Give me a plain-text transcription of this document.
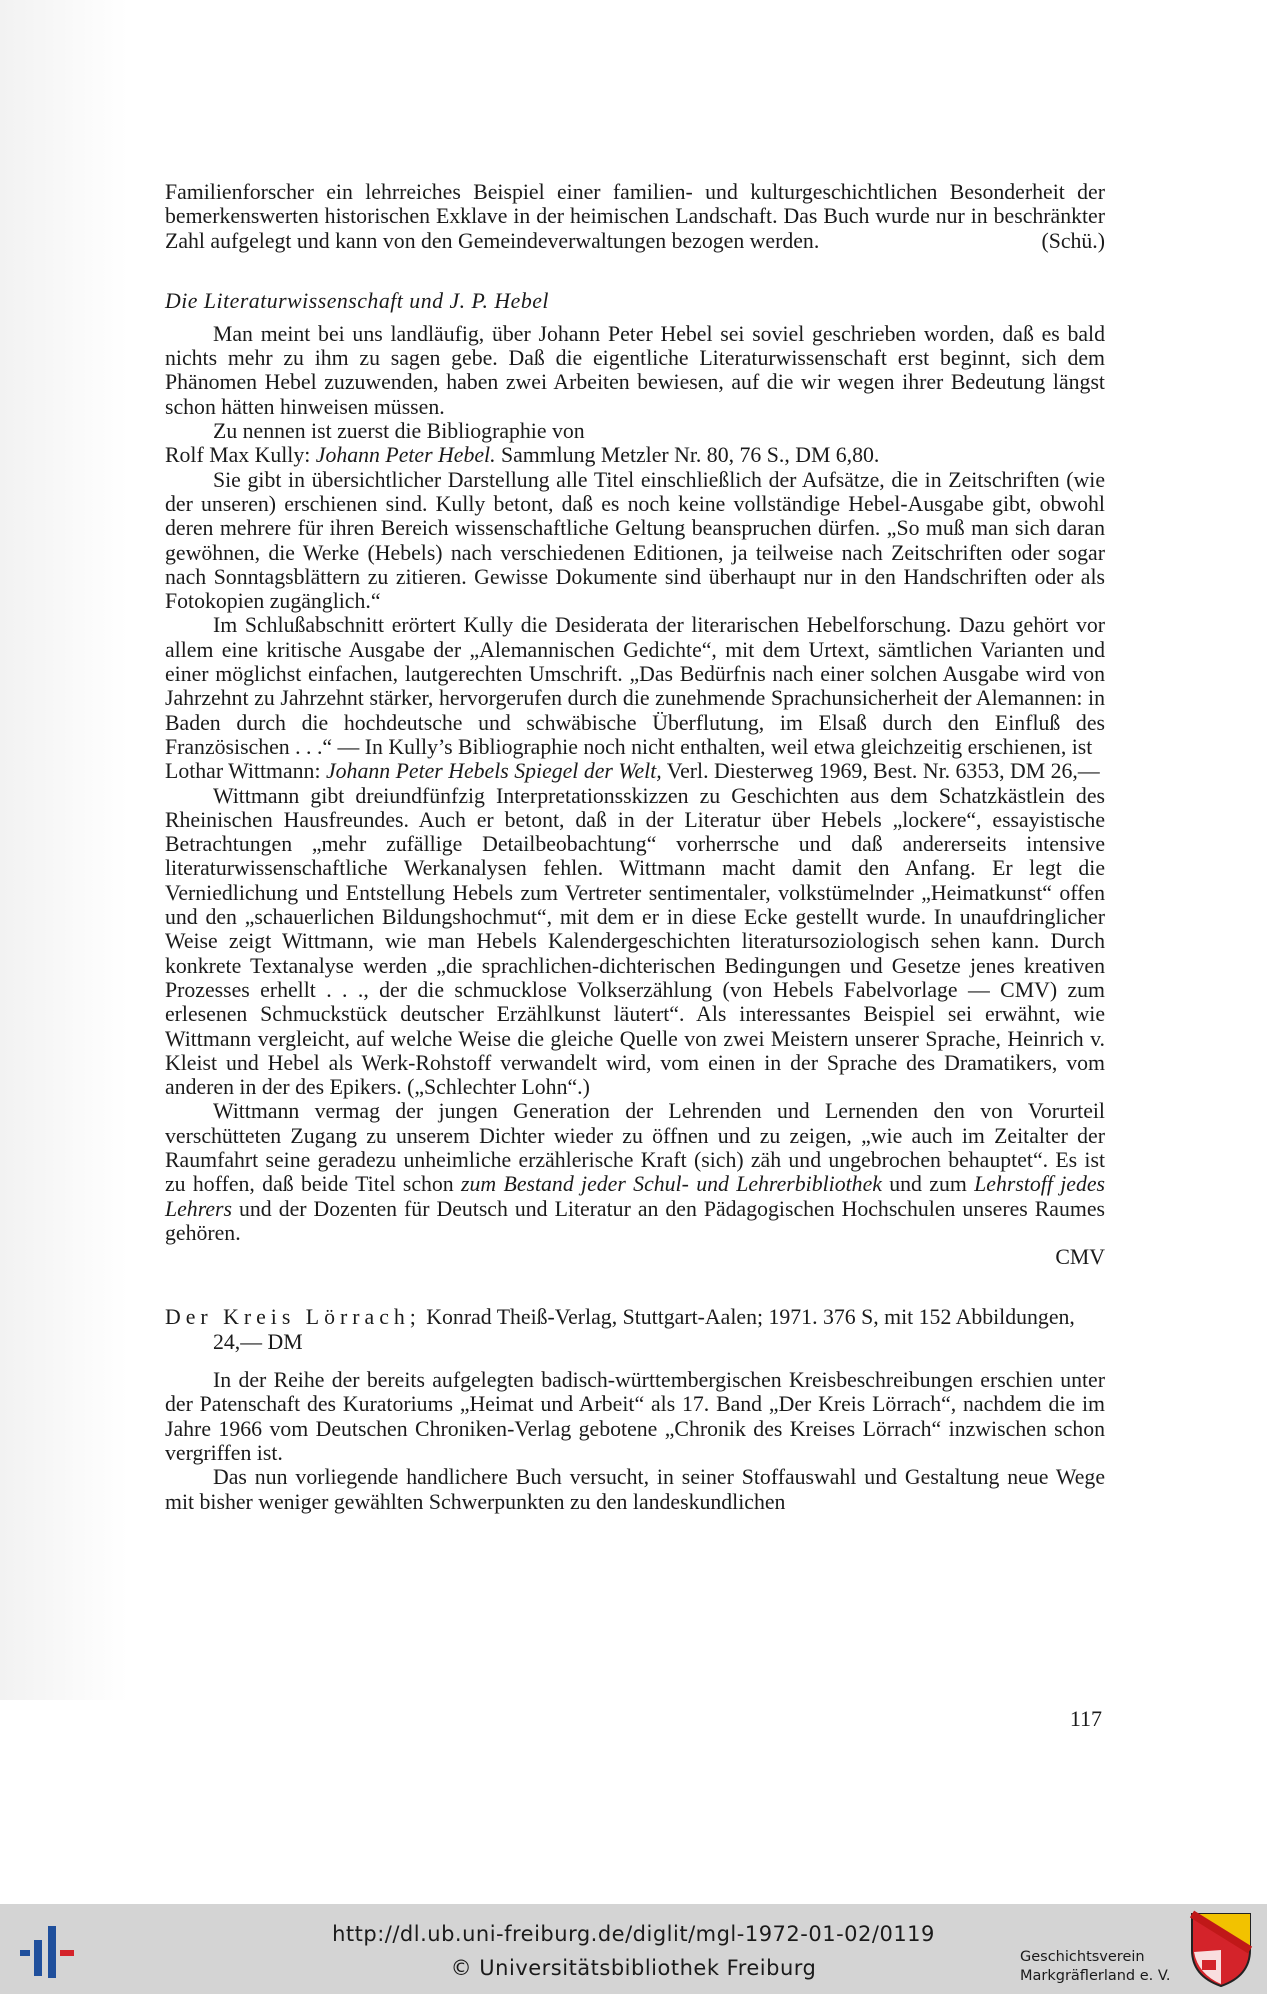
Familienforscher ein lehrreiches Beispiel einer familien- und kulturgeschichtlichen Besonderheit der bemerkenswerten historischen Exklave in der heimischen Landschaft. Das Buch wurde nur in beschränkter Zahl aufgelegt und kann von den Gemeindeverwaltungen bezogen werden.	(Schü.)

Die Literaturwissenschaft und J. P. Hebel

Man meint bei uns landläufig, über Johann Peter Hebel sei soviel geschrieben worden, daß es bald nichts mehr zu ihm zu sagen gebe. Daß die eigentliche Literaturwissenschaft erst beginnt, sich dem Phänomen Hebel zuzuwenden, haben zwei Arbeiten bewiesen, auf die wir wegen ihrer Bedeutung längst schon hätten hinweisen müssen.

Zu nennen ist zuerst die Bibliographie von

Rolf Max Kully: Johann Peter Hebel. Sammlung Metzler Nr. 80, 76 S., DM 6,80.

Sie gibt in übersichtlicher Darstellung alle Titel einschließlich der Aufsätze, die in Zeitschriften (wie der unseren) erschienen sind. Kully betont, daß es noch keine vollständige Hebel-Ausgabe gibt, obwohl deren mehrere für ihren Bereich wissenschaftliche Geltung beanspruchen dürfen. „So muß man sich daran gewöhnen, die Werke (Hebels) nach verschiedenen Editionen, ja teilweise nach Zeitschriften oder sogar nach Sonntagsblättern zu zitieren. Gewisse Dokumente sind überhaupt nur in den Handschriften oder als Fotokopien zugänglich.“

Im Schlußabschnitt erörtert Kully die Desiderata der literarischen Hebelforschung. Dazu gehört vor allem eine kritische Ausgabe der „Alemannischen Gedichte“, mit dem Urtext, sämtlichen Varianten und einer möglichst einfachen, lautgerechten Umschrift. „Das Bedürfnis nach einer solchen Ausgabe wird von Jahrzehnt zu Jahrzehnt stärker, hervorgerufen durch die zunehmende Sprachunsicherheit der Alemannen: in Baden durch die hochdeutsche und schwäbische Überflutung, im Elsaß durch den Einfluß des Französischen . . .“ — In Kully’s Bibliographie noch nicht enthalten, weil etwa gleichzeitig erschienen, ist

Lothar Wittmann: Johann Peter Hebels Spiegel der Welt, Verl. Diesterweg 1969, Best. Nr. 6353, DM 26,—

Wittmann gibt dreiundfünfzig Interpretationsskizzen zu Geschichten aus dem Schatzkästlein des Rheinischen Hausfreundes. Auch er betont, daß in der Literatur über Hebels „lockere“, essayistische Betrachtungen „mehr zufällige Detailbeobachtung“ vorherrsche und daß andererseits intensive literaturwissenschaftliche Werkanalysen fehlen. Wittmann macht damit den Anfang. Er legt die Verniedlichung und Entstellung Hebels zum Vertreter sentimentaler, volkstümelnder „Heimatkunst“ offen und den „schauerlichen Bildungshochmut“, mit dem er in diese Ecke gestellt wurde. In unaufdringlicher Weise zeigt Wittmann, wie man Hebels Kalendergeschichten literatursoziologisch sehen kann. Durch konkrete Textanalyse werden „die sprachlichen-dichterischen Bedingungen und Gesetze jenes kreativen Prozesses erhellt . . ., der die schmucklose Volkserzählung (von Hebels Fabelvorlage — CMV) zum erlesenen Schmuckstück deutscher Erzählkunst läutert“. Als interessantes Beispiel sei erwähnt, wie Wittmann vergleicht, auf welche Weise die gleiche Quelle von zwei Meistern unserer Sprache, Heinrich v. Kleist und Hebel als Werk-Rohstoff verwandelt wird, vom einen in der Sprache des Dramatikers, vom anderen in der des Epikers. („Schlechter Lohn“.)

Wittmann vermag der jungen Generation der Lehrenden und Lernenden den von Vorurteil verschütteten Zugang zu unserem Dichter wieder zu öffnen und zu zeigen, „wie auch im Zeitalter der Raumfahrt seine geradezu unheimliche erzählerische Kraft (sich) zäh und ungebrochen behauptet“. Es ist zu hoffen, daß beide Titel schon zum Bestand jeder Schul- und Lehrerbibliothek und zum Lehrstoff jedes Lehrers und der Dozenten für Deutsch und Literatur an den Pädagogischen Hochschulen unseres Raumes gehören.

CMV

Der Kreis Lörrach; Konrad Theiß-Verlag, Stuttgart-Aalen; 1971. 376 S, mit 152 Abbildungen, 24,— DM

In der Reihe der bereits aufgelegten badisch-württembergischen Kreisbeschreibungen erschien unter der Patenschaft des Kuratoriums „Heimat und Arbeit“ als 17. Band „Der Kreis Lörrach“, nachdem die im Jahre 1966 vom Deutschen Chroniken-Verlag gebotene „Chronik des Kreises Lörrach“ inzwischen schon vergriffen ist.

Das nun vorliegende handlichere Buch versucht, in seiner Stoffauswahl und Gestaltung neue Wege mit bisher weniger gewählten Schwerpunkten zu den landeskundlichen

117
http://dl.ub.uni-freiburg.de/diglit/mgl-1972-01-02/0119
© Universitätsbibliothek Freiburg	Geschichtsverein
Markgräflerland e. V.
